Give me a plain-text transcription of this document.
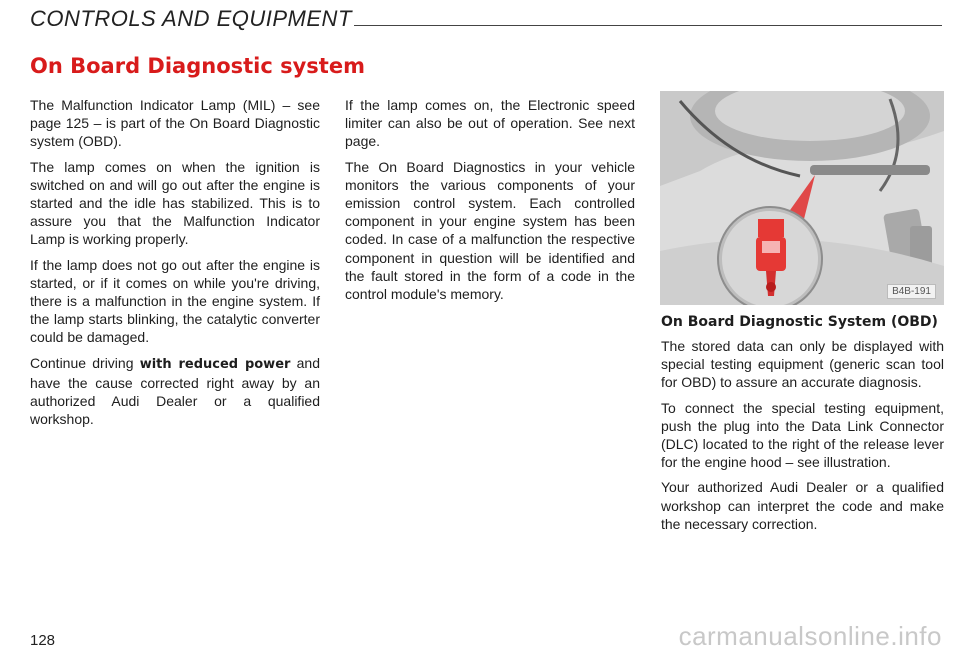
CONTROLS AND EQUIPMENT
On Board Diagnostic system

The Malfunction Indicator Lamp (MIL) – see page 125 – is part of the On Board Diagnostic system (OBD).

The lamp comes on when the ignition is switched on and will go out after the engine is started and the idle has stabilized. This is to assure you that the Malfunction Indicator Lamp is working properly.

If the lamp does not go out after the engine is started, or if it comes on while you're driving, there is a malfunction in the engine system. If the lamp starts blinking, the catalytic converter could be damaged.

Continue driving with reduced power and have the cause corrected right away by an authorized Audi Dealer or a qualified workshop.

If the lamp comes on, the Electronic speed limiter can also be out of operation. See next page.

The On Board Diagnostics in your vehicle monitors the various components of your emission control system. Each controlled component in your engine system has been coded. In case of a malfunction the respective component in question will be identified and the fault stored in the form of a code in the control module's memory.	B4B-191
On Board Diagnostic System (OBD)

The stored data can only be displayed with special testing equipment (generic scan tool for OBD) to assure an accurate diagnosis.

To connect the special testing equipment, push the plug into the Data Link Connector (DLC) located to the right of the release lever for the engine hood – see illustration.

Your authorized Audi Dealer or a qualified workshop can interpret the code and make the necessary correction.

128	carmanualsonline.info
